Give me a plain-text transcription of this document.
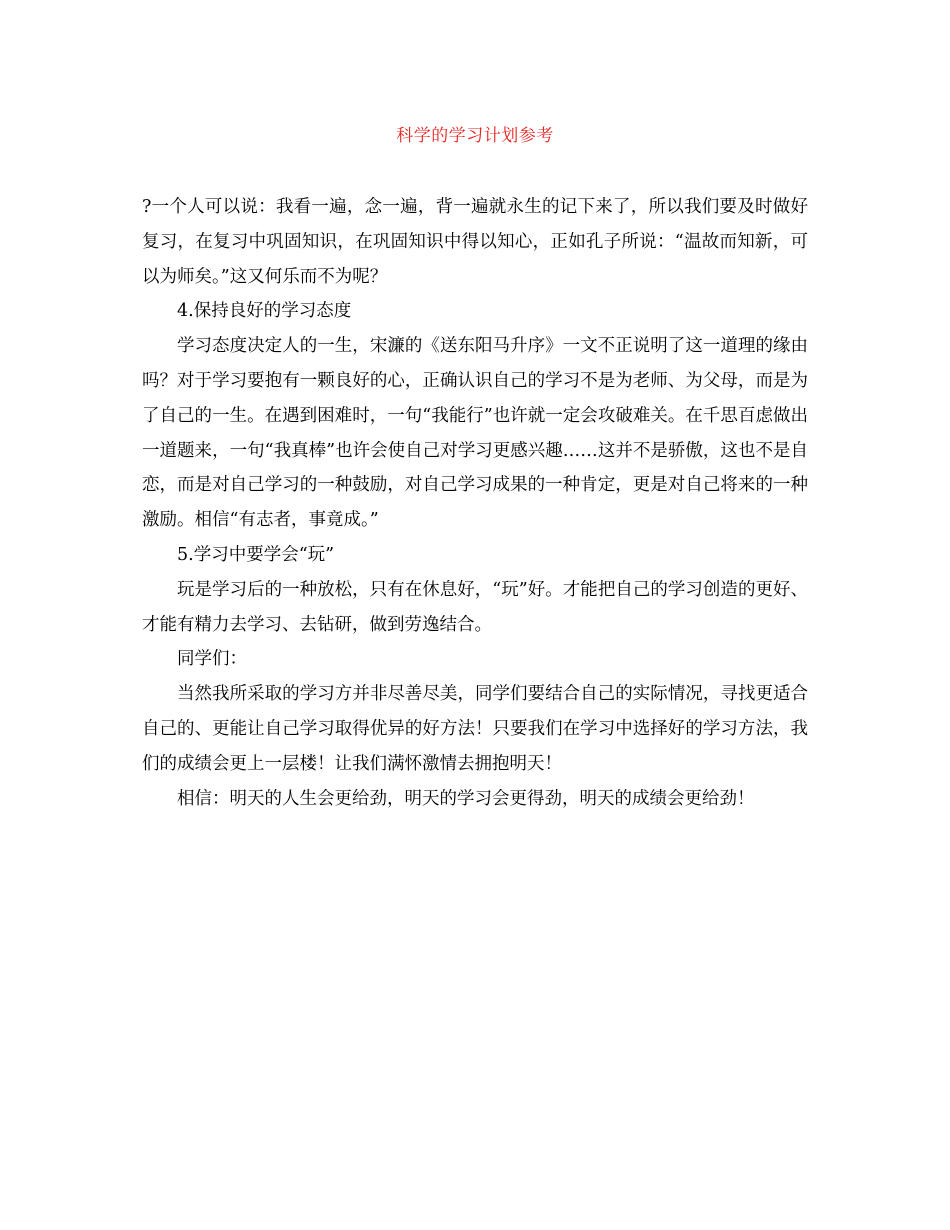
科学的学习计划参考

?一个人可以说：我看一遍，念一遍，背一遍就永生的记下来了，所以我们要及时做好复习，在复习中巩固知识，在巩固知识中得以知心，正如孔子所说：“温故而知新，可以为师矣。”这又何乐而不为呢？

4.保持良好的学习态度

学习态度决定人的一生，宋濂的《送东阳马升序》一文不正说明了这一道理的缘由吗？对于学习要抱有一颗良好的心，正确认识自己的学习不是为老师、为父母，而是为了自己的一生。在遇到困难时，一句“我能行”也许就一定会攻破难关。在千思百虑做出一道题来，一句“我真棒”也许会使自己对学习更感兴趣……这并不是骄傲，这也不是自恋，而是对自己学习的一种鼓励，对自己学习成果的一种肯定，更是对自己将来的一种激励。相信“有志者，事竟成。”

5.学习中要学会“玩”

玩是学习后的一种放松，只有在休息好，“玩”好。才能把自己的学习创造的更好、才能有精力去学习、去钻研，做到劳逸结合。

同学们：

当然我所采取的学习方并非尽善尽美，同学们要结合自己的实际情况，寻找更适合自己的、更能让自己学习取得优异的好方法！只要我们在学习中选择好的学习方法，我们的成绩会更上一层楼！让我们满怀激情去拥抱明天！

相信：明天的人生会更给劲，明天的学习会更得劲，明天的成绩会更给劲！
